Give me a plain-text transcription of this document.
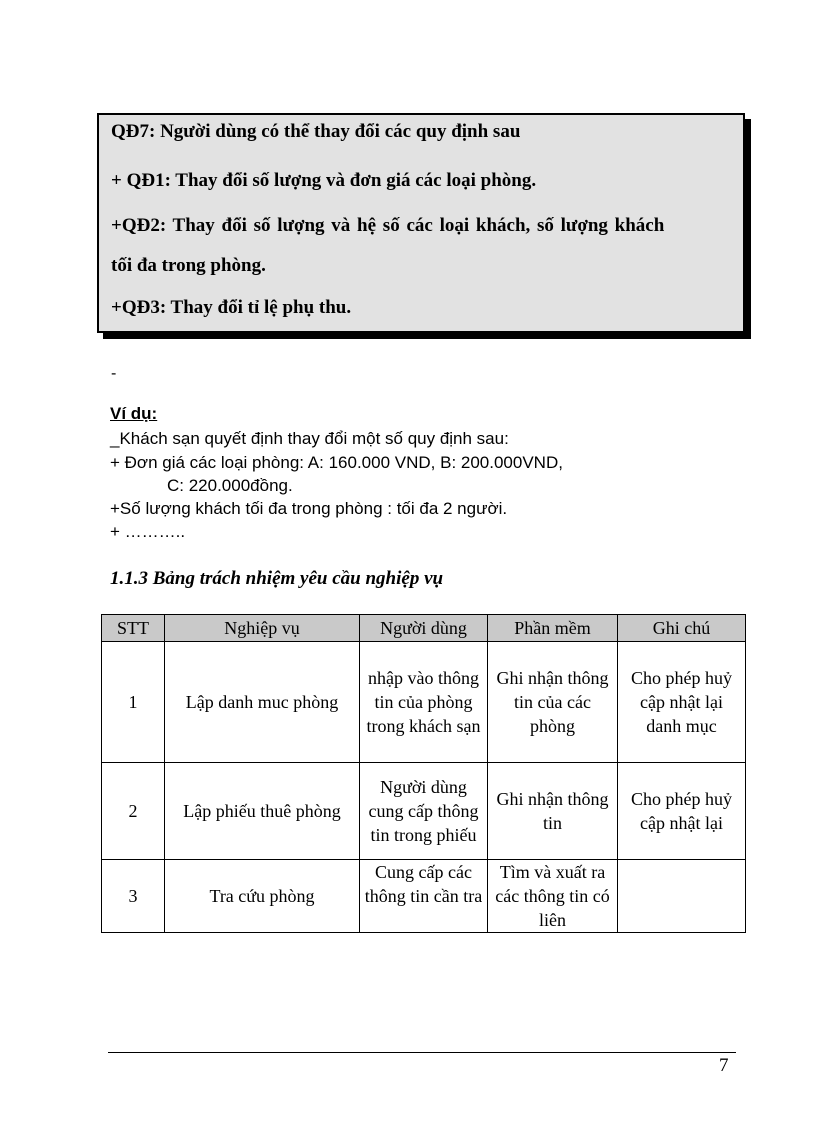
QĐ7: Người dùng có thể thay đổi các quy định sau
+ QĐ1: Thay đổi số lượng và đơn giá các loại phòng.
+QĐ2: Thay đổi số lượng và hệ số các loại khách, số lượng khách
tối đa trong phòng.
+QĐ3: Thay đổi tỉ lệ phụ thu.
-
Ví dụ:
_Khách sạn quyết định thay đổi một số quy định sau:
+ Đơn giá các loại phòng: A: 160.000 VND, B: 200.000VND,
C: 220.000đồng.
+Số lượng khách tối đa trong phòng : tối đa 2 người.
+ ………..
1.1.3 Bảng trách nhiệm yêu cầu nghiệp vụ
STT	Nghiệp vụ	Người dùng	Phần mềm	Ghi chú
1	Lập danh muc phòng	nhập vào thông tin của phòng trong khách sạn	Ghi nhận thông tin của các phòng	Cho phép huỷ cập nhật lại danh mục
2	Lập phiếu thuê phòng	Người dùng cung cấp thông tin trong phiếu	Ghi nhận thông tin	Cho phép huỷ cập nhật lại
3	Tra cứu phòng	Cung cấp các thông tin cần tra	Tìm và xuất ra các thông tin có liên	
7
